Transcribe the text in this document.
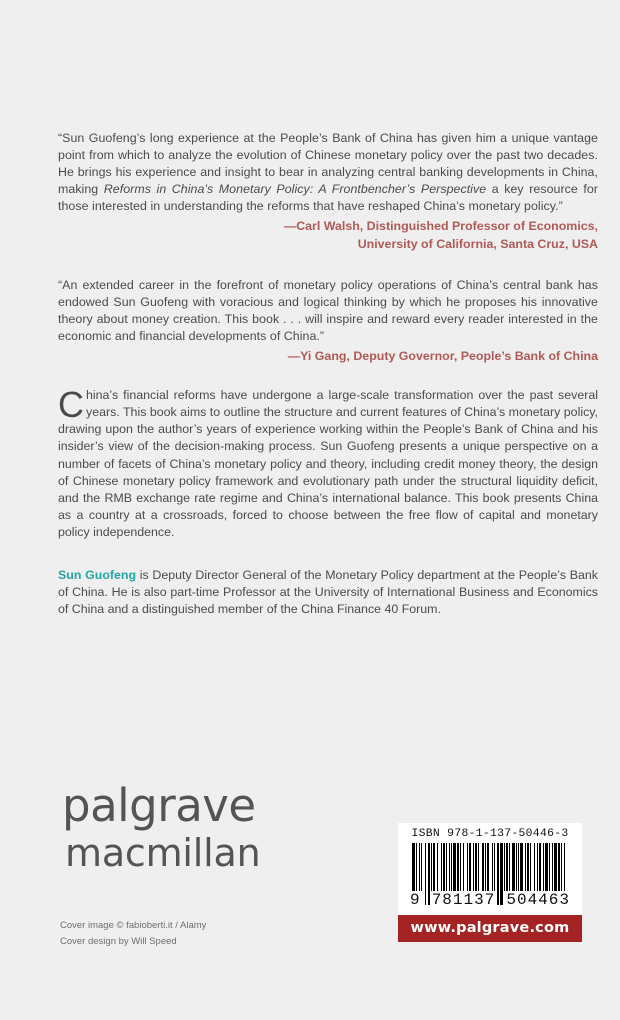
“Sun Guofeng’s long experience at the People’s Bank of China has given him a unique vantage point from which to analyze the evolution of Chinese monetary policy over the past two decades. He brings his experience and insight to bear in analyzing central banking developments in China, making Reforms in China’s Monetary Policy: A Frontbencher’s Perspective a key resource for those interested in understanding the reforms that have reshaped China’s monetary policy.”
—Carl Walsh, Distinguished Professor of Economics,
University of California, Santa Cruz, USA
“An extended career in the forefront of monetary policy operations of China’s central bank has endowed Sun Guofeng with voracious and logical thinking by which he proposes his innovative theory about money creation. This book . . . will inspire and reward every reader interested in the economic and financial developments of China.”
—Yi Gang, Deputy Governor, People’s Bank of China
China’s financial reforms have undergone a large-scale transformation over the past several years. This book aims to outline the structure and current features of China’s monetary policy, drawing upon the author’s years of experience working within the People’s Bank of China and his insider’s view of the decision-making process. Sun Guofeng presents a unique perspective on a number of facets of China’s monetary policy and theory, including credit money theory, the design of Chinese monetary policy framework and evolutionary path under the structural liquidity deficit, and the RMB exchange rate regime and China’s international balance. This book presents China as a country at a crossroads, forced to choose between the free flow of capital and monetary policy independence.
Sun Guofeng is Deputy Director General of the Monetary Policy department at the People’s Bank of China. He is also part-time Professor at the University of International Business and Economics of China and a distinguished member of the China Finance 40 Forum.
palgrave
macmillan
Cover image © fabioberti.it / Alamy
Cover design by Will Speed
ISBN 978-1-137-50446-3
9 781137 504463
www.palgrave.com
